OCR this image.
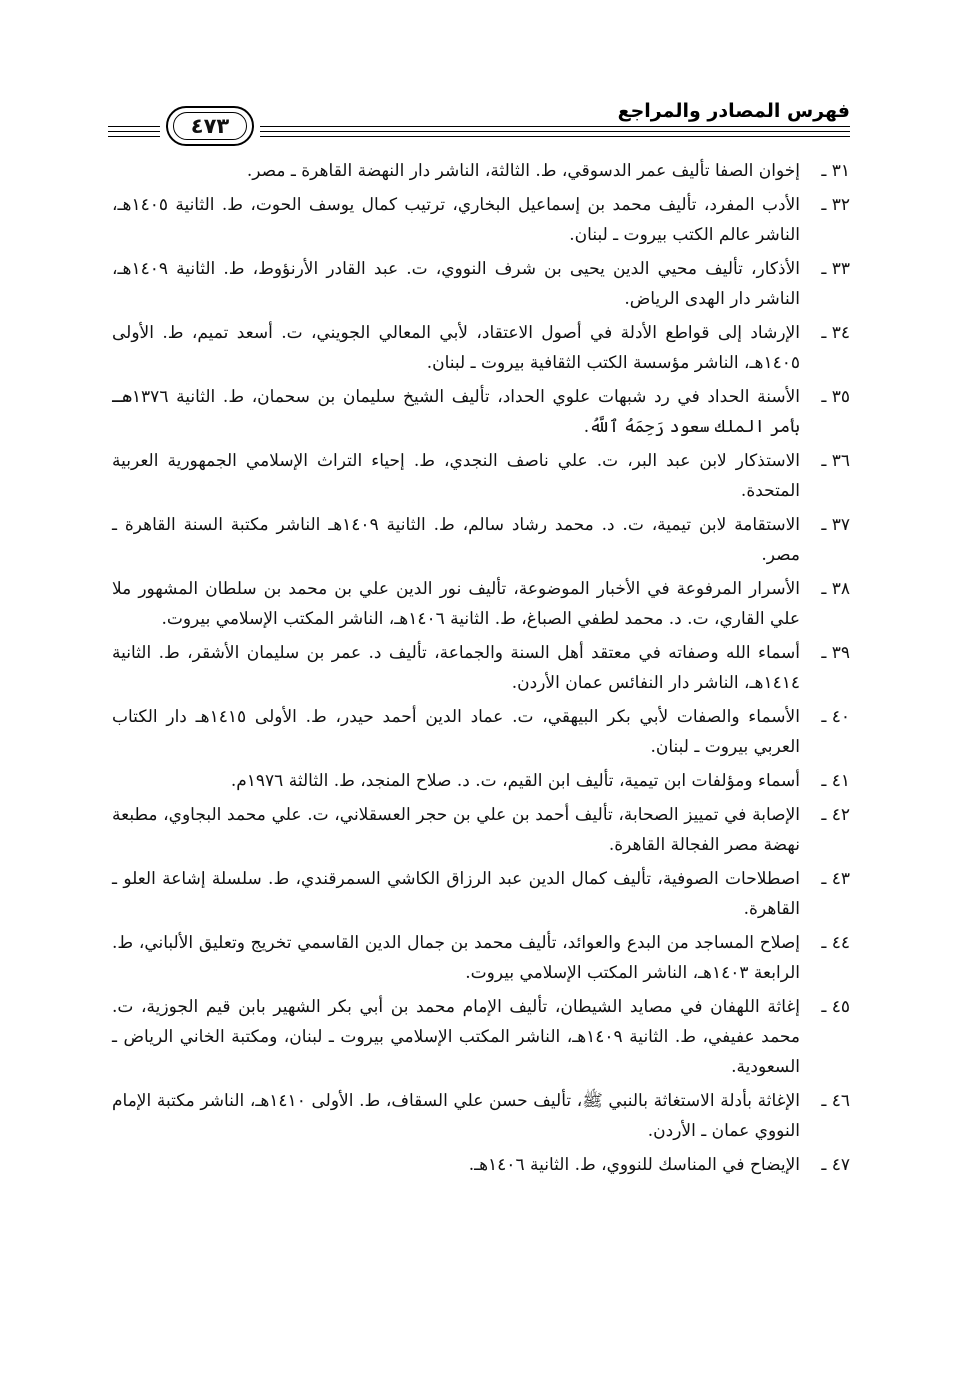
٤٧٣
فهرس المصادر والمراجع
٣١ ـ
إخوان الصفا تأليف عمر الدسوقي، ط. الثالثة، الناشر دار النهضة القاهرة ـ مصر.
٣٢ ـ
الأدب المفرد، تأليف محمد بن إسماعيل البخاري، ترتيب كمال يوسف الحوت، ط. الثانية ١٤٠٥هـ، الناشر عالم الكتب بيروت ـ لبنان.
٣٣ ـ
الأذكار، تأليف محيي الدين يحيى بن شرف النووي، ت. عبد القادر الأرنؤوط، ط. الثانية ١٤٠٩هـ، الناشر دار الهدى الرياض.
٣٤ ـ
الإرشاد إلى قواطع الأدلة في أصول الاعتقاد، لأبي المعالي الجويني، ت. أسعد تميم، ط. الأولى ١٤٠٥هـ، الناشر مؤسسة الكتب الثقافية بيروت ـ لبنان.
٣٥ ـ
الأسنة الحداد في رد شبهات علوي الحداد، تأليف الشيخ سليمان بن سحمان، ط. الثانية ١٣٧٦هـ بأمر الملك سعود رَحِمَهُ ٱللَّهُ.
٣٦ ـ
الاستذكار لابن عبد البر، ت. علي ناصف النجدي، ط. إحياء التراث الإسلامي الجمهورية العربية المتحدة.
٣٧ ـ
الاستقامة لابن تيمية، ت. د. محمد رشاد سالم، ط. الثانية ١٤٠٩هـ الناشر مكتبة السنة القاهرة ـ مصر.
٣٨ ـ
الأسرار المرفوعة في الأخبار الموضوعة، تأليف نور الدين علي بن محمد بن سلطان المشهور ملا علي القاري، ت. د. محمد لطفي الصباغ، ط. الثانية ١٤٠٦هـ، الناشر المكتب الإسلامي بيروت.
٣٩ ـ
أسماء الله وصفاته في معتقد أهل السنة والجماعة، تأليف د. عمر بن سليمان الأشقر، ط. الثانية ١٤١٤هـ، الناشر دار النفائس عمان الأردن.
٤٠ ـ
الأسماء والصفات لأبي بكر البيهقي، ت. عماد الدين أحمد حيدر، ط. الأولى ١٤١٥هـ دار الكتاب العربي بيروت ـ لبنان.
٤١ ـ
أسماء ومؤلفات ابن تيمية، تأليف ابن القيم، ت. د. صلاح المنجد، ط. الثالثة ١٩٧٦م.
٤٢ ـ
الإصابة في تمييز الصحابة، تأليف أحمد بن علي بن حجر العسقلاني، ت. علي محمد البجاوي، مطبعة نهضة مصر الفجالة القاهرة.
٤٣ ـ
اصطلاحات الصوفية، تأليف كمال الدين عبد الرزاق الكاشي السمرقندي، ط. سلسلة إشاعة العلو ـ القاهرة.
٤٤ ـ
إصلاح المساجد من البدع والعوائد، تأليف محمد بن جمال الدين القاسمي تخريج وتعليق الألباني، ط. الرابعة ١٤٠٣هـ، الناشر المكتب الإسلامي بيروت.
٤٥ ـ
إغاثة اللهفان في مصايد الشيطان، تأليف الإمام محمد بن أبي بكر الشهير بابن قيم الجوزية، ت. محمد عفيفي، ط. الثانية ١٤٠٩هـ، الناشر المكتب الإسلامي بيروت ـ لبنان، ومكتبة الخاني الرياض ـ السعودية.
٤٦ ـ
الإغاثة بأدلة الاستغاثة بالنبي ﷺ، تأليف حسن علي السقاف، ط. الأولى ١٤١٠هـ، الناشر مكتبة الإمام النووي عمان ـ الأردن.
٤٧ ـ
الإيضاح في المناسك للنووي، ط. الثانية ١٤٠٦هـ.
